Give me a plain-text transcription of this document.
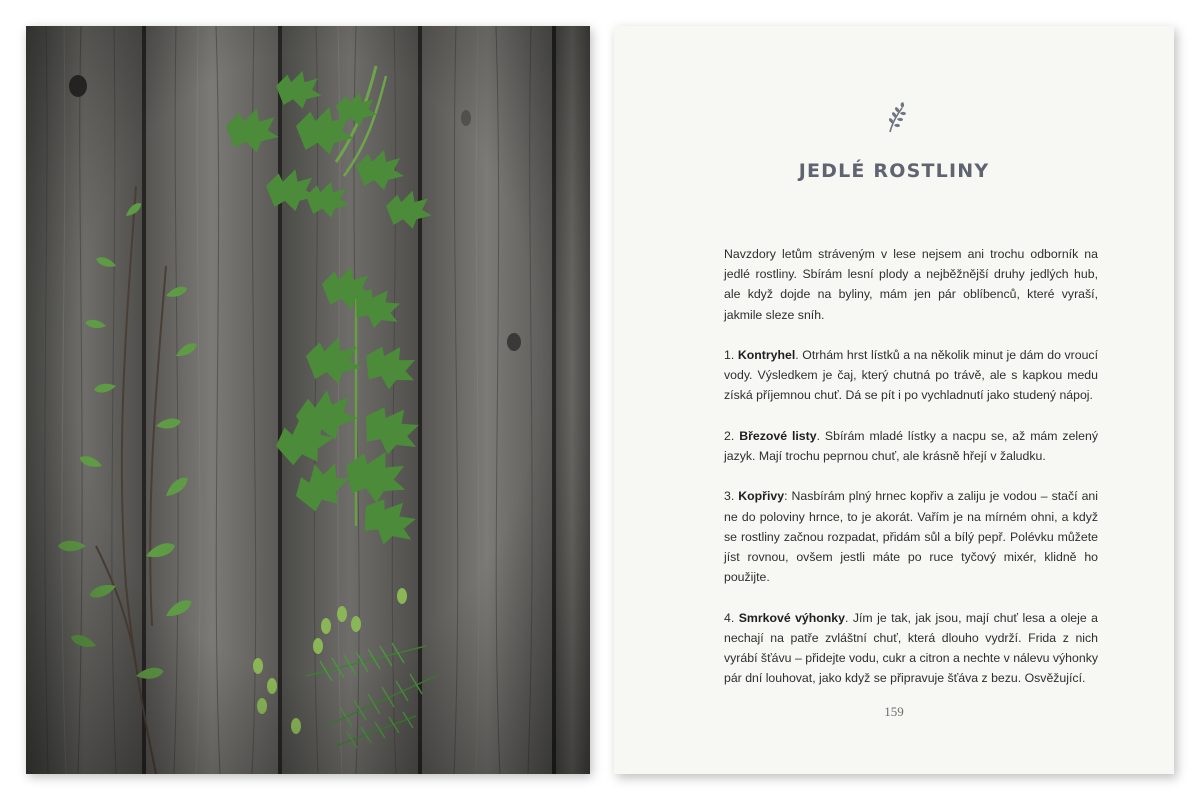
JEDLÉ ROSTLINY

Navzdory letům stráveným v lese nejsem ani trochu odborník na jedlé rostliny. Sbírám lesní plody a nejběžnější druhy jedlých hub, ale když dojde na byliny, mám jen pár oblíbenců, které vyraší, jakmile sleze sníh.

1. Kontryhel. Otrhám hrst lístků a na několik minut je dám do vroucí vody. Výsledkem je čaj, který chutná po trávě, ale s kapkou medu získá příjemnou chuť. Dá se pít i po vychladnutí jako studený nápoj.

2. Březové listy. Sbírám mladé lístky a nacpu se, až mám zelený jazyk. Mají trochu peprnou chuť, ale krásně hřejí v žaludku.

3. Kopřivy: Nasbírám plný hrnec kopřiv a zaliju je vodou – stačí ani ne do poloviny hrnce, to je akorát. Vařím je na mírném ohni, a když se rostliny začnou rozpadat, přidám sůl a bílý pepř. Polévku můžete jíst rovnou, ovšem jestli máte po ruce tyčový mixér, klidně ho použijte.

4. Smrkové výhonky. Jím je tak, jak jsou, mají chuť lesa a oleje a nechají na patře zvláštní chuť, která dlouho vydrží. Frida z nich vyrábí šťávu – přidejte vodu, cukr a citron a nechte v nálevu výhonky pár dní louhovat, jako když se připravuje šťáva z bezu. Osvěžující.

159
